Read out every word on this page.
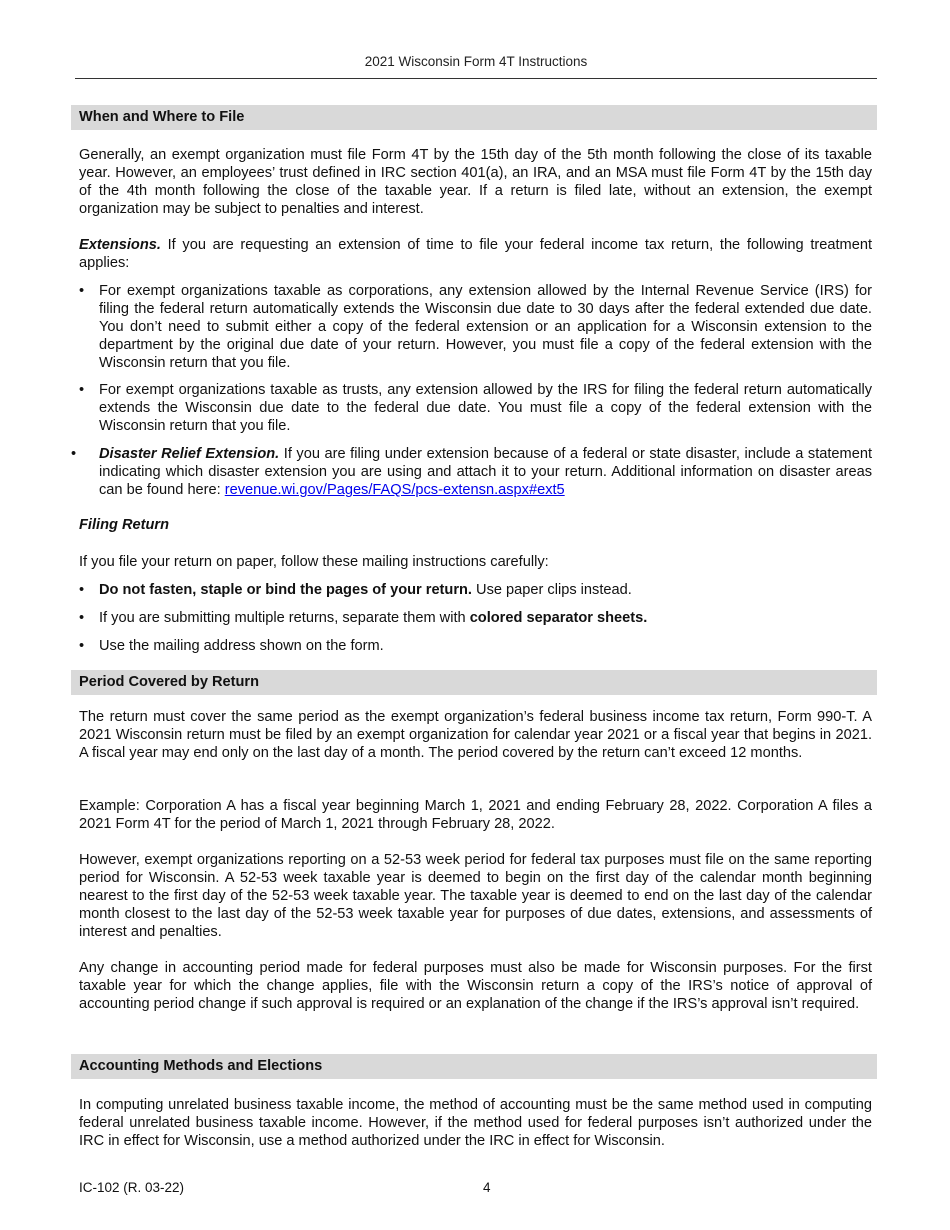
2021 Wisconsin Form 4T Instructions
When and Where to File

Generally, an exempt organization must file Form 4T by the 15th day of the 5th month following the close of its taxable year. However, an employees’ trust defined in IRC section 401(a), an IRA, and an MSA must file Form 4T by the 15th day of the 4th month following the close of the taxable year. If a return is filed late, without an extension, the exempt organization may be subject to penalties and interest.

Extensions. If you are requesting an extension of time to file your federal income tax return, the following treatment applies:

• For exempt organizations taxable as corporations, any extension allowed by the Internal Revenue Service (IRS) for filing the federal return automatically extends the Wisconsin due date to 30 days after the federal extended due date. You don’t need to submit either a copy of the federal extension or an application for a Wisconsin extension to the department by the original due date of your return. However, you must file a copy of the federal extension with the Wisconsin return that you file.
• For exempt organizations taxable as trusts, any extension allowed by the IRS for filing the federal return automatically extends the Wisconsin due date to the federal due date. You must file a copy of the federal extension with the Wisconsin return that you file.
• Disaster Relief Extension. If you are filing under extension because of a federal or state disaster, include a statement indicating which disaster extension you are using and attach it to your return. Additional information on disaster areas can be found here: revenue.wi.gov/Pages/FAQS/pcs-extensn.aspx#ext5
Filing Return

If you file your return on paper, follow these mailing instructions carefully:

• Do not fasten, staple or bind the pages of your return. Use paper clips instead.
• If you are submitting multiple returns, separate them with colored separator sheets.
• Use the mailing address shown on the form.
Period Covered by Return

The return must cover the same period as the exempt organization’s federal business income tax return, Form 990-T. A 2021 Wisconsin return must be filed by an exempt organization for calendar year 2021 or a fiscal year that begins in 2021. A fiscal year may end only on the last day of a month. The period covered by the return can’t exceed 12 months.

Example: Corporation A has a fiscal year beginning March 1, 2021 and ending February 28, 2022. Corporation A files a 2021 Form 4T for the period of March 1, 2021 through February 28, 2022.

However, exempt organizations reporting on a 52-53 week period for federal tax purposes must file on the same reporting period for Wisconsin. A 52-53 week taxable year is deemed to begin on the first day of the calendar month beginning nearest to the first day of the 52-53 week taxable year. The taxable year is deemed to end on the last day of the calendar month closest to the last day of the 52-53 week taxable year for purposes of due dates, extensions, and assessments of interest and penalties.

Any change in accounting period made for federal purposes must also be made for Wisconsin purposes. For the first taxable year for which the change applies, file with the Wisconsin return a copy of the IRS’s notice of approval of accounting period change if such approval is required or an explanation of the change if the IRS’s approval isn’t required.

Accounting Methods and Elections

In computing unrelated business taxable income, the method of accounting must be the same method used in computing federal unrelated business taxable income. However, if the method used for federal purposes isn’t authorized under the IRC in effect for Wisconsin, use a method authorized under the IRC in effect for Wisconsin.

IC-102 (R. 03-22)	4
